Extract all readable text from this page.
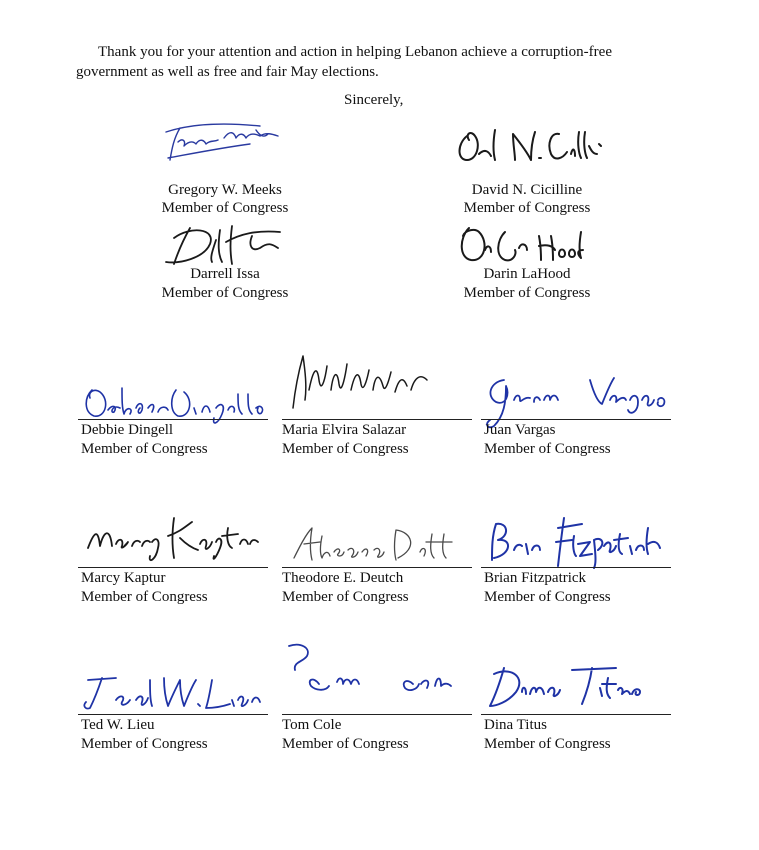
Thank you for your attention and action in helping Lebanon achieve a corruption-free
government as well as free and fair May elections.
Sincerely,
Gregory W. Meeks
Member of Congress
David N. Cicilline
Member of Congress
Darrell Issa
Member of Congress
Darin LaHood
Member of Congress
Debbie Dingell
Member of Congress
Maria Elvira Salazar
Member of Congress
Juan Vargas
Member of Congress
Marcy Kaptur
Member of Congress
Theodore E. Deutch
Member of Congress
Brian Fitzpatrick
Member of Congress
Ted W. Lieu
Member of Congress
Tom Cole
Member of Congress
Dina Titus
Member of Congress
